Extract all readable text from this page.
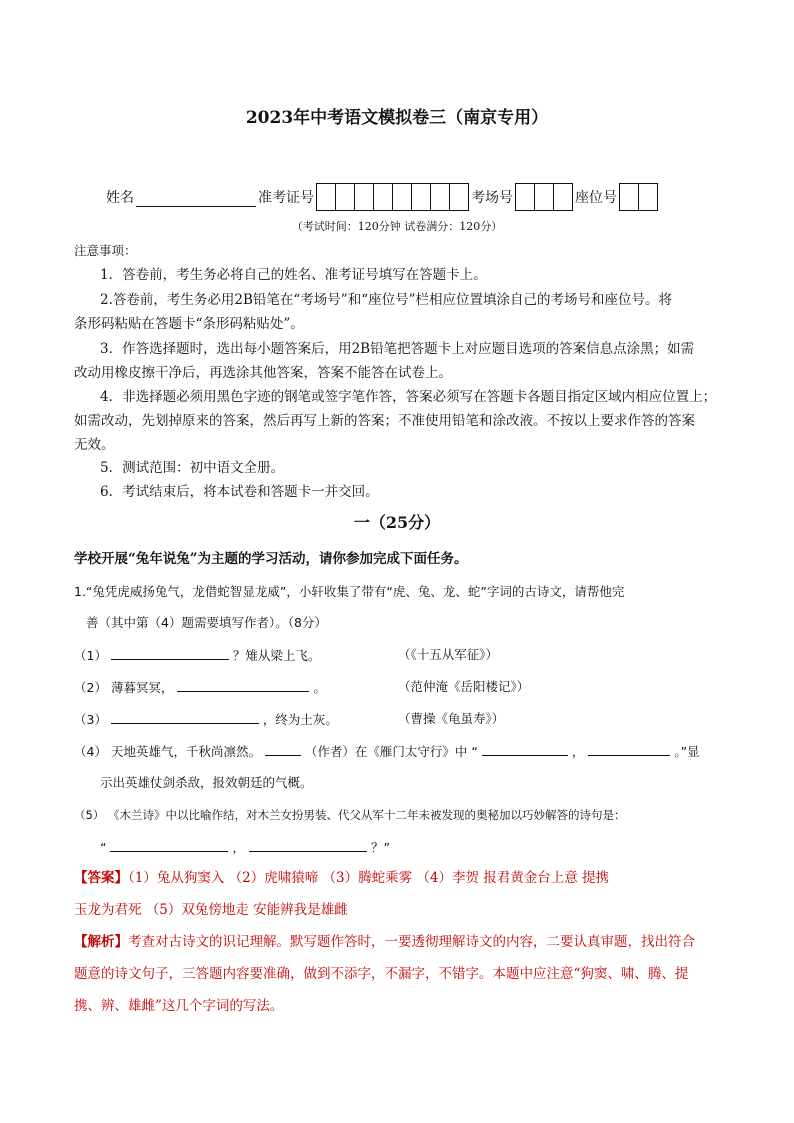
2023年中考语文模拟卷三（南京专用）
姓名	准考证号	考场号	座位号
（考试时间：120分钟 试卷满分：120分）
注意事项：
1．答卷前，考生务必将自己的姓名、准考证号填写在答题卡上。
2.答卷前，考生务必用2B铅笔在“考场号”和“座位号”栏相应位置填涂自己的考场号和座位号。将
条形码粘贴在答题卡“条形码粘贴处”。
3．作答选择题时，选出每小题答案后，用2B铅笔把答题卡上对应题目选项的答案信息点涂黑；如需
改动用橡皮擦干净后，再选涂其他答案，答案不能答在试卷上。
4．非选择题必须用黑色字迹的钢笔或签字笔作答，答案必须写在答题卡各题目指定区域内相应位置上；
如需改动，先划掉原来的答案，然后再写上新的答案；不准使用铅笔和涂改液。不按以上要求作答的答案
无效。
5．测试范围：初中语文全册。
6．考试结束后，将本试卷和答题卡一并交回。
一（25分）
学校开展“兔年说兔”为主题的学习活动，请你参加完成下面任务。
1.“兔凭虎威扬兔气，龙借蛇智显龙威”，小轩收集了带有“虎、兔、龙、蛇”字词的古诗文，请帮他完
善（其中第（4）题需要填写作者）。（8分）
（1）	？雉从梁上飞。	（《十五从军征》）
（2） 薄暮冥冥，	。	（范仲淹《岳阳楼记》）
（3）	，终为土灰。	（曹操《龟虽寿》）
（4） 天地英雄气，千秋尚凛然。	（作者）在《雁门太守行》中 “	，	。”显
示出英雄仗剑杀敌，报效朝廷的气概。
（5） 《木兰诗》中以比喻作结，对木兰女扮男装、代父从军十二年未被发现的奥秘加以巧妙解答的诗句是：
“	，	？”
【答案】（1）兔从狗窦入 （2）虎啸猿啼 （3）腾蛇乘雾 （4）李贺 报君黄金台上意 提携
玉龙为君死 （5）双兔傍地走 安能辨我是雄雌
【解析】考查对古诗文的识记理解。默写题作答时，一要透彻理解诗文的内容，二要认真审题，找出符合
题意的诗文句子，三答题内容要准确，做到不添字，不漏字，不错字。本题中应注意“狗窦、啸、腾、提
携、辨、雄雌”这几个字词的写法。
